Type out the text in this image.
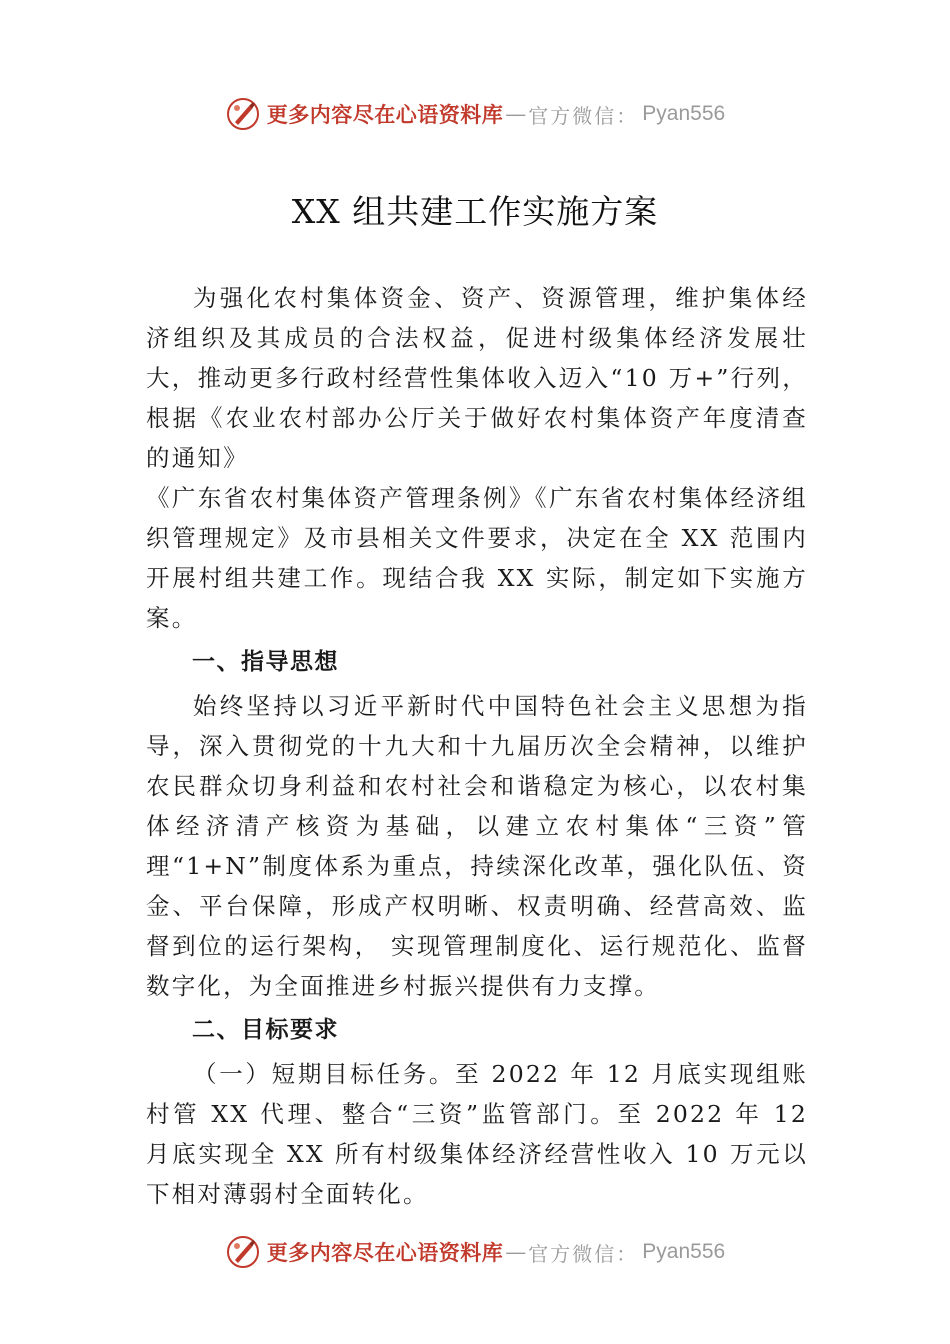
更多内容尽在心语资料库 — 官方微信： Pyan556
XX 组共建工作实施方案

为强化农村集体资金、资产、资源管理，维护集体经济组织及其成员的合法权益，促进村级集体经济发展壮大，推动更多行政村经营性集体收入迈入“10 万+”行列，根据《农业农村部办公厅关于做好农村集体资产年度清查的通知》

《广东省农村集体资产管理条例》《广东省农村集体经济组 织管理规定》及市县相关文件要求，决定在全 XX 范围内开展村组共建工作。现结合我 XX 实际，制定如下实施方案。

一、指导思想

始终坚持以习近平新时代中国特色社会主义思想为指导，深入贯彻党的十九大和十九届历次全会精神，以维护农民群众切身利益和农村社会和谐稳定为核心，以农村集体经济清产核资为基础，以建立农村集体“三资”管理“1+N”制度体系为重点，持续深化改革，强化队伍、资金、平台保障，形成产权明晰、权责明确、经营高效、监督到位的运行架构， 实现管理制度化、运行规范化、监督数字化，为全面推进乡村振兴提供有力支撑。

二、目标要求

（一）短期目标任务。至 2022 年 12 月底实现组账村管 XX 代理、整合“三资”监管部门。至 2022 年 12 月底实现全 XX 所有村级集体经济经营性收入 10 万元以下相对薄弱村全面转化。

更多内容尽在心语资料库 — 官方微信： Pyan556
